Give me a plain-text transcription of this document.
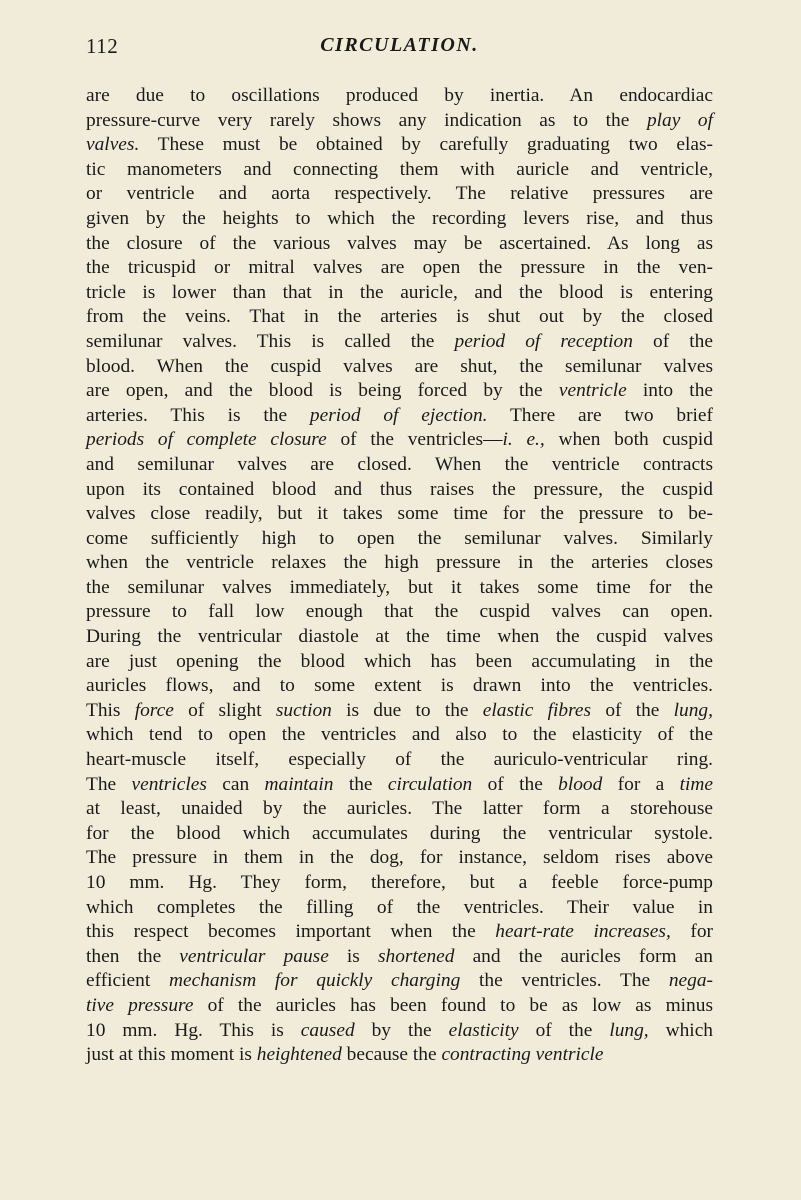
112	CIRCULATION.
are due to oscillations produced by inertia. An endocardiac
pressure-curve very rarely shows any indication as to the play of
valves. These must be obtained by carefully graduating two elas-
tic manometers and connecting them with auricle and ventricle,
or ventricle and aorta respectively. The relative pressures are
given by the heights to which the recording levers rise, and thus
the closure of the various valves may be ascertained. As long as
the tricuspid or mitral valves are open the pressure in the ven-
tricle is lower than that in the auricle, and the blood is entering
from the veins. That in the arteries is shut out by the closed
semilunar valves. This is called the period of reception of the
blood. When the cuspid valves are shut, the semilunar valves
are open, and the blood is being forced by the ventricle into the
arteries. This is the period of ejection. There are two brief
periods of complete closure of the ventricles—i. e., when both cuspid
and semilunar valves are closed. When the ventricle contracts
upon its contained blood and thus raises the pressure, the cuspid
valves close readily, but it takes some time for the pressure to be-
come sufficiently high to open the semilunar valves. Similarly
when the ventricle relaxes the high pressure in the arteries closes
the semilunar valves immediately, but it takes some time for the
pressure to fall low enough that the cuspid valves can open.
During the ventricular diastole at the time when the cuspid valves
are just opening the blood which has been accumulating in the
auricles flows, and to some extent is drawn into the ventricles.
This force of slight suction is due to the elastic fibres of the lung,
which tend to open the ventricles and also to the elasticity of the
heart-muscle itself, especially of the auriculo-ventricular ring.
The ventricles can maintain the circulation of the blood for a time
at least, unaided by the auricles. The latter form a storehouse
for the blood which accumulates during the ventricular systole.
The pressure in them in the dog, for instance, seldom rises above
10 mm. Hg. They form, therefore, but a feeble force-pump
which completes the filling of the ventricles. Their value in
this respect becomes important when the heart-rate increases, for
then the ventricular pause is shortened and the auricles form an
efficient mechanism for quickly charging the ventricles. The nega-
tive pressure of the auricles has been found to be as low as minus
10 mm. Hg. This is caused by the elasticity of the lung, which
just at this moment is heightened because the contracting ventricle
